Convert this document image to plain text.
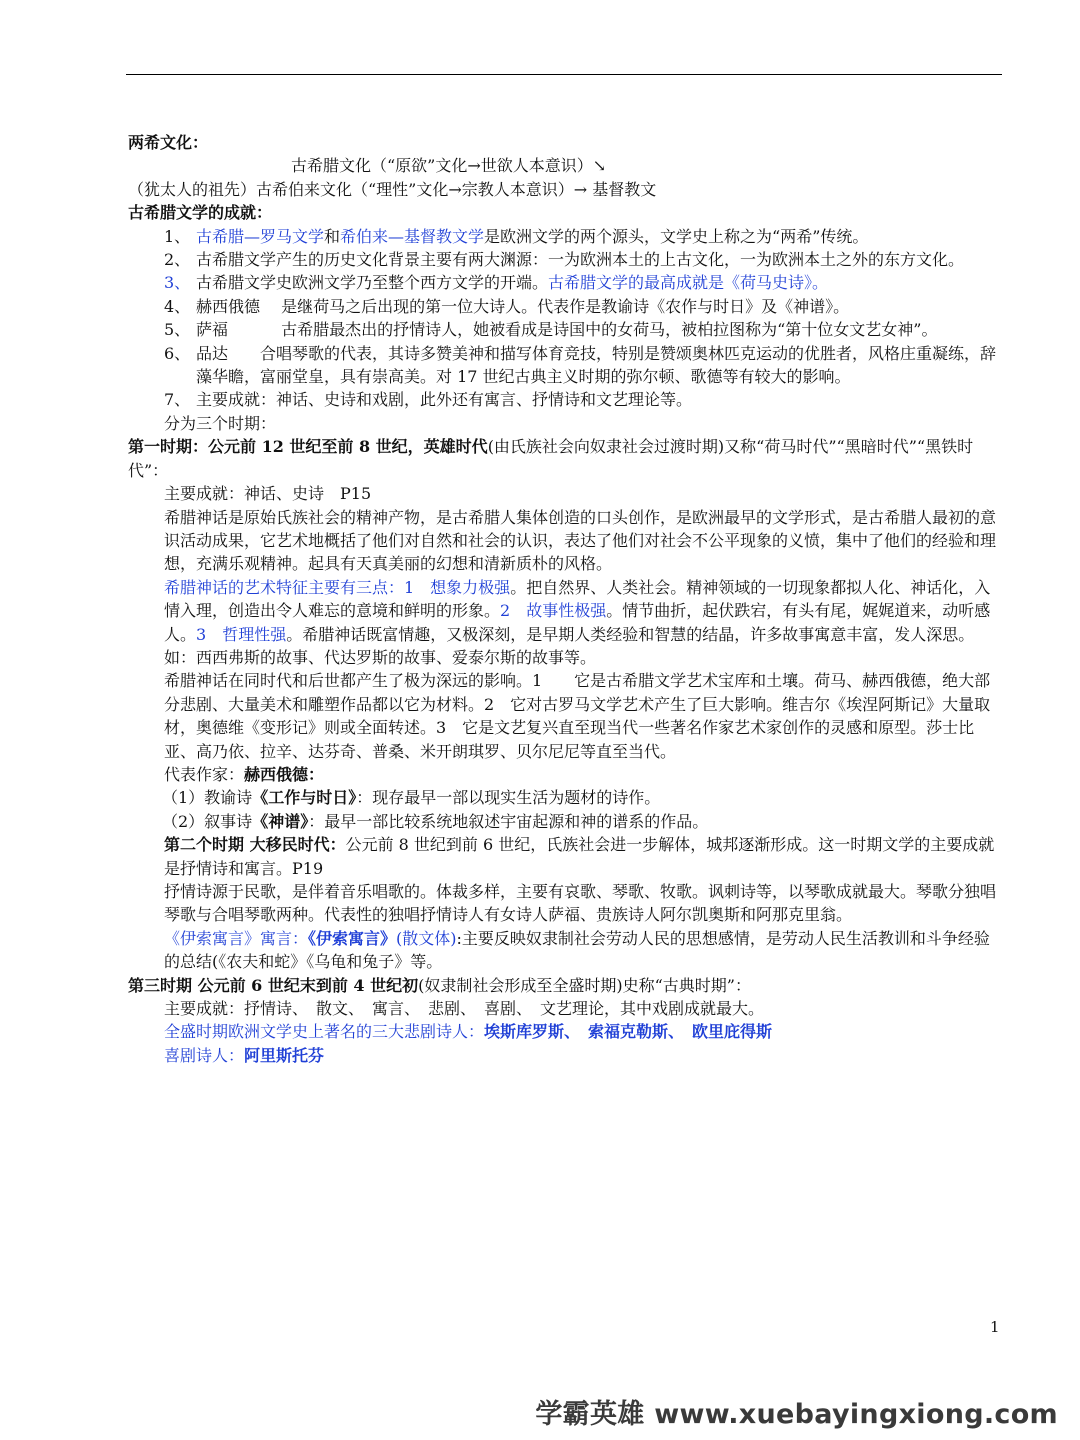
两希文化：

古希腊文化（“原欲”文化→世欲人本意识）↘

（犹太人的祖先）古希伯来文化（“理性”文化→宗教人本意识）→ 基督教文

古希腊文学的成就：

1、 古希腊—罗马文学和希伯来—基督教文学是欧洲文学的两个源头，文学史上称之为“两希”传统。
2、 古希腊文学产生的历史文化背景主要有两大渊源：一为欧洲本土的上古文化，一为欧洲本土之外的东方文化。
3、 古希腊文学史欧洲文学乃至整个西方文学的开端。古希腊文学的最高成就是《荷马史诗》。
4、 赫西俄德　 是继荷马之后出现的第一位大诗人。代表作是教谕诗《农作与时日》及《神谱》。
5、 萨福　　　 古希腊最杰出的抒情诗人，她被看成是诗国中的女荷马，被柏拉图称为“第十位女文艺女神”。
6、 品达　　合唱琴歌的代表，其诗多赞美神和描写体育竞技，特别是赞颂奥林匹克运动的优胜者，风格庄重凝练，辞藻华瞻，富丽堂皇，具有崇高美。对 17 世纪古典主义时期的弥尔顿、歌德等有较大的影响。
7、 主要成就：神话、史诗和戏剧，此外还有寓言、抒情诗和文艺理论等。

分为三个时期：

第一时期：公元前 12 世纪至前 8 世纪，英雄时代(由氏族社会向奴隶社会过渡时期)又称“荷马时代”“黑暗时代”“黑铁时代”：

主要成就：神话、史诗　P15

希腊神话是原始氏族社会的精神产物，是古希腊人集体创造的口头创作，是欧洲最早的文学形式，是古希腊人最初的意识活动成果，它艺术地概括了他们对自然和社会的认识，表达了他们对社会不公平现象的义愤，集中了他们的经验和理想，充满乐观精神。起具有天真美丽的幻想和清新质朴的风格。

希腊神话的艺术特征主要有三点：1　想象力极强。把自然界、人类社会。精神领域的一切现象都拟人化、神话化，入情入理，创造出令人难忘的意境和鲜明的形象。2　故事性极强。情节曲折，起伏跌宕，有头有尾，娓娓道来，动听感人。3　哲理性强。希腊神话既富情趣，又极深刻，是早期人类经验和智慧的结晶，许多故事寓意丰富，发人深思。如：西西弗斯的故事、代达罗斯的故事、爱泰尔斯的故事等。

希腊神话在同时代和后世都产生了极为深远的影响。1　　它是古希腊文学艺术宝库和土壤。荷马、赫西俄德，绝大部分悲剧、大量美术和雕塑作品都以它为材料。2　它对古罗马文学艺术产生了巨大影响。维吉尔《埃涅阿斯记》大量取材，奥德维《变形记》则或全面转述。3　它是文艺复兴直至现当代一些著名作家艺术家创作的灵感和原型。莎士比亚、高乃依、拉辛、达芬奇、普桑、米开朗琪罗、贝尔尼尼等直至当代。

代表作家：赫西俄德：

（1）教谕诗《工作与时日》：现存最早一部以现实生活为题材的诗作。

（2）叙事诗《神谱》：最早一部比较系统地叙述宇宙起源和神的谱系的作品。

第二个时期 大移民时代：公元前 8 世纪到前 6 世纪，氏族社会进一步解体，城邦逐渐形成。这一时期文学的主要成就是抒情诗和寓言。P19

抒情诗源于民歌，是伴着音乐唱歌的。体裁多样，主要有哀歌、琴歌、牧歌。讽刺诗等，以琴歌成就最大。琴歌分独唱琴歌与合唱琴歌两种。代表性的独唱抒情诗人有女诗人萨福、贵族诗人阿尔凯奥斯和阿那克里翁。

《伊索寓言》寓言：《伊索寓言》(散文体):主要反映奴隶制社会劳动人民的思想感情，是劳动人民生活教训和斗争经验的总结(《农夫和蛇》《乌龟和兔子》等。

第三时期 公元前 6 世纪末到前 4 世纪初(奴隶制社会形成至全盛时期)史称“古典时期”：

主要成就：抒情诗、　散文、　寓言、　悲剧、　喜剧、　文艺理论，其中戏剧成就最大。

全盛时期欧洲文学史上著名的三大悲剧诗人：埃斯库罗斯、　索福克勒斯、　欧里庇得斯

喜剧诗人：阿里斯托芬

1
学霸英雄 www.xuebayingxiong.com
